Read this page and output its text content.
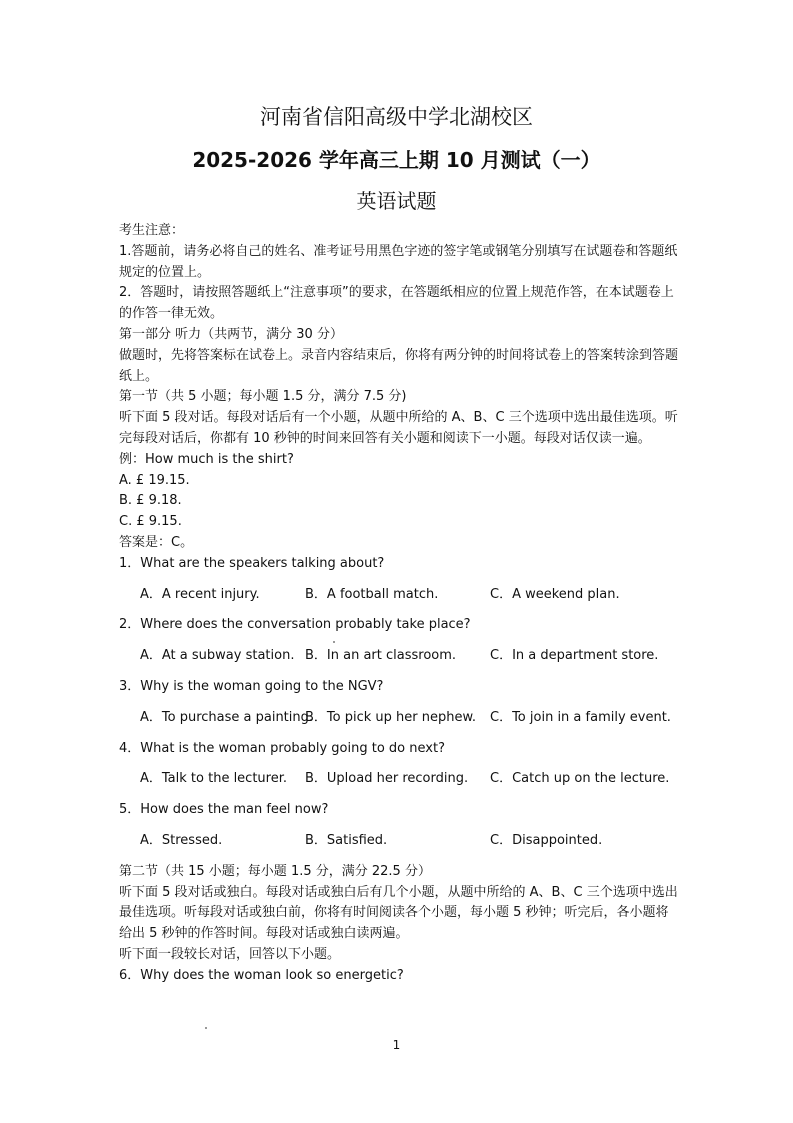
河南省信阳高级中学北湖校区
2025-2026 学年高三上期 10 月测试（一）
英语试题

考生注意：

1.答题前，请务必将自己的姓名、准考证号用黑色字迹的签字笔或钢笔分别填写在试题卷和答题纸规定的位置上。

2．答题时，请按照答题纸上“注意事项”的要求，在答题纸相应的位置上规范作答，在本试题卷上的作答一律无效。

第一部分 听力（共两节，满分 30 分）

做题时，先将答案标在试卷上。录音内容结束后，你将有两分钟的时间将试卷上的答案转涂到答题纸上。

第一节（共 5 小题；每小题 1.5 分，满分 7.5 分)

听下面 5 段对话。每段对话后有一个小题，从题中所给的 A、B、C 三个选项中选出最佳选项。听完每段对话后，你都有 10 秒钟的时间来回答有关小题和阅读下一小题。每段对话仅读一遍。

例：How much is the shirt?

A. £ 19.15.

B. £ 9.18.

C. £ 9.15.

答案是：C。

1．What are the speakers talking about?

A．A recent injury.	B．A football match.	C．A weekend plan.

2．Where does the conversation probably take place?

A．At a subway station. B．In an art classroom.	C．In a department store.

3．Why is the woman going to the NGV?

A．To purchase a painting.
B．To pick up her nephew. C．To join in a family event.

4．What is the woman probably going to do next?

A．Talk to the lecturer. B．Upload her recording. C．Catch up on the lecture.

5．How does the man feel now?

A．Stressed.	B．Satisfied.	C．Disappointed.

第二节（共 15 小题；每小题 1.5 分，满分 22.5 分）

听下面 5 段对话或独白。每段对话或独白后有几个小题，从题中所给的 A、B、C 三个选项中选出最佳选项。听每段对话或独白前，你将有时间阅读各个小题，每小题 5 秒钟；听完后，各小题将给出 5 秒钟的作答时间。每段对话或独白读两遍。

听下面一段较长对话，回答以下小题。

6．Why does the woman look so energetic?

1
